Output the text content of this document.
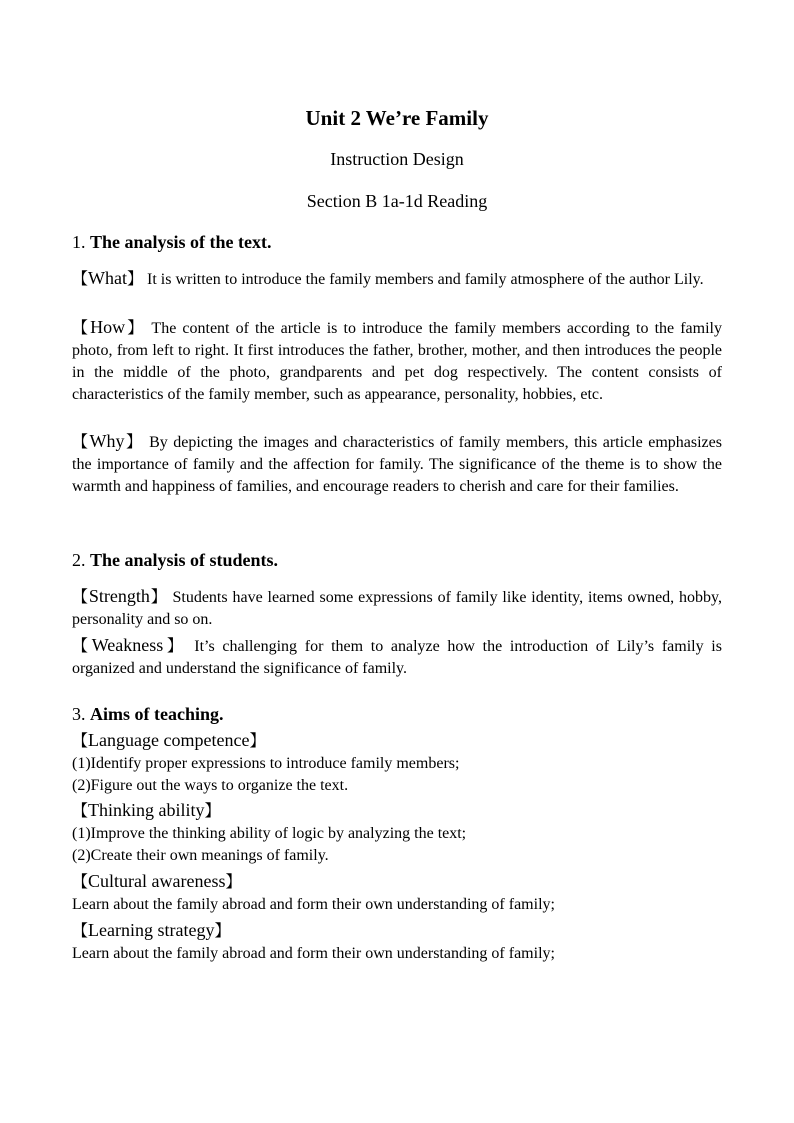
Unit 2 We’re Family
Instruction Design
Section B 1a-1d Reading
1. The analysis of the text.
【What】 It is written to introduce the family members and family atmosphere of the author Lily.
【How】 The content of the article is to introduce the family members according to the family photo, from left to right. It first introduces the father, brother, mother, and then introduces the people in the middle of the photo, grandparents and pet dog respectively. The content consists of characteristics of the family member, such as appearance, personality, hobbies, etc.
【Why】 By depicting the images and characteristics of family members, this article emphasizes the importance of family and the affection for family. The significance of the theme is to show the warmth and happiness of families, and encourage readers to cherish and care for their families.
2. The analysis of students.
【Strength】 Students have learned some expressions of family like identity, items owned, hobby, personality and so on.
【Weakness】 It’s challenging for them to analyze how the introduction of Lily’s family is organized and understand the significance of family.
3. Aims of teaching.
【Language competence】
(1)Identify proper expressions to introduce family members;
(2)Figure out the ways to organize the text.
【Thinking ability】
(1)Improve the thinking ability of logic by analyzing the text;
(2)Create their own meanings of family.
【Cultural awareness】
Learn about the family abroad and form their own understanding of family;
【Learning strategy】
Learn about the family abroad and form their own understanding of family;
